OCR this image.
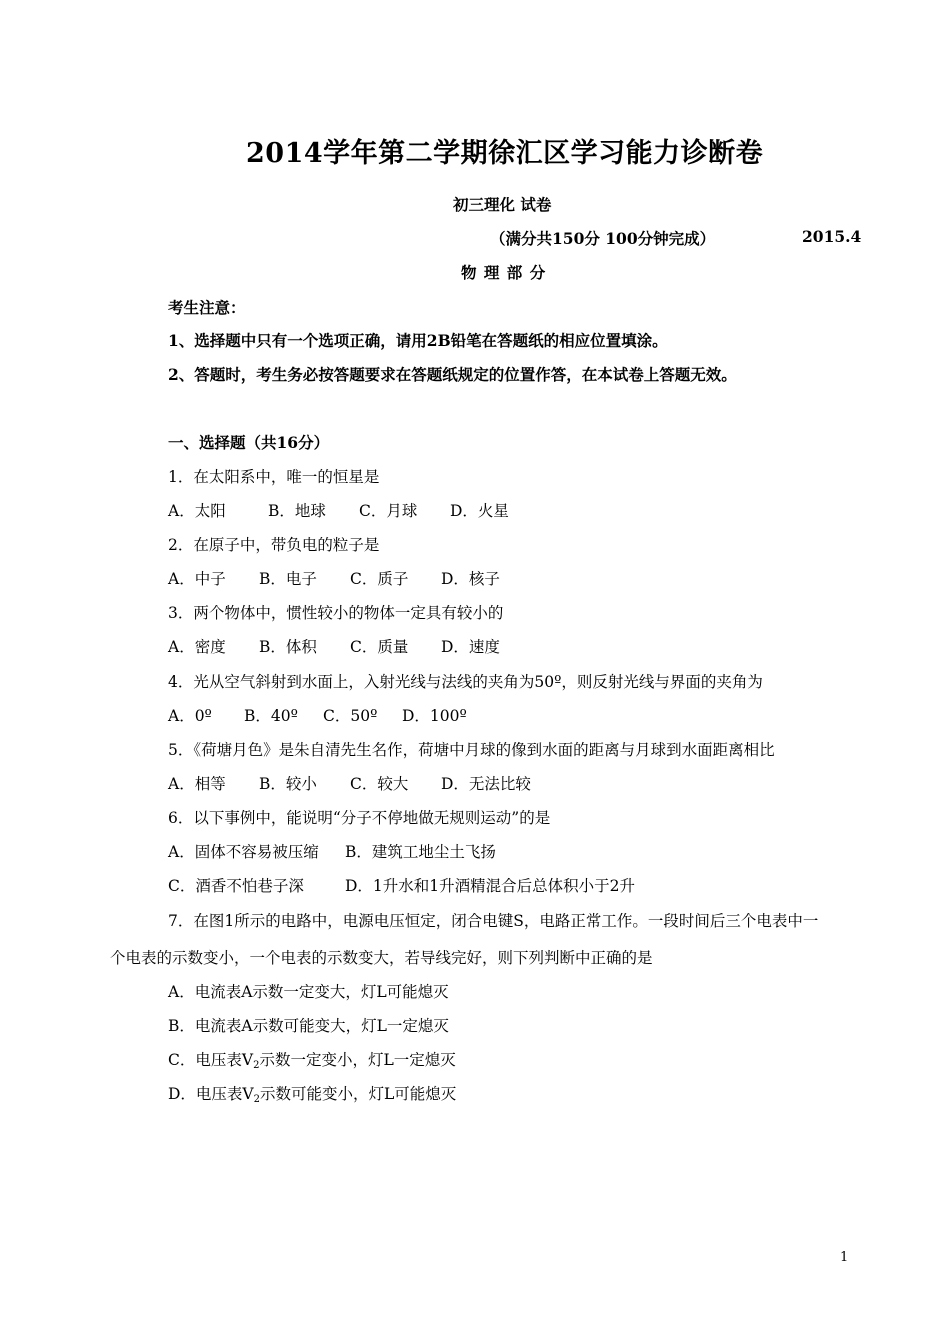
2014学年第二学期徐汇区学习能力诊断卷
初三理化 试卷
（满分共150分 100分钟完成）	2015.4
物 理 部 分
考生注意：
1、选择题中只有一个选项正确，请用2B铅笔在答题纸的相应位置填涂。
2、答题时，考生务必按答题要求在答题纸规定的位置作答，在本试卷上答题无效。
一、选择题（共16分）
1．在太阳系中，唯一的恒星是
A．太阳	B．地球 C．月球 D．火星
2．在原子中，带负电的粒子是
A．中子 B．电子 C．质子 D．核子
3．两个物体中，惯性较小的物体一定具有较小的
A．密度 B．体积 C．质量 D．速度
4．光从空气斜射到水面上，入射光线与法线的夹角为50º，则反射光线与界面的夹角为
A．0º B．40º C．50º D．100º
5．《荷塘月色》是朱自清先生名作，荷塘中月球的像到水面的距离与月球到水面距离相比
A．相等 B．较小 C．较大 D．无法比较
6．以下事例中，能说明“分子不停地做无规则运动”的是
A．固体不容易被压缩 B．建筑工地尘土飞扬
C．酒香不怕巷子深	D．1升水和1升酒精混合后总体积小于2升
7．在图1所示的电路中，电源电压恒定，闭合电键S，电路正常工作。一段时间后三个电表中一
个电表的示数变小，一个电表的示数变大，若导线完好，则下列判断中正确的是
A．电流表A示数一定变大，灯L可能熄灭
B．电流表A示数可能变大，灯L一定熄灭
C．电压表$V_2$示数一定变小，灯L一定熄灭
D．电压表$V_2$示数可能变小，灯L可能熄灭
1
